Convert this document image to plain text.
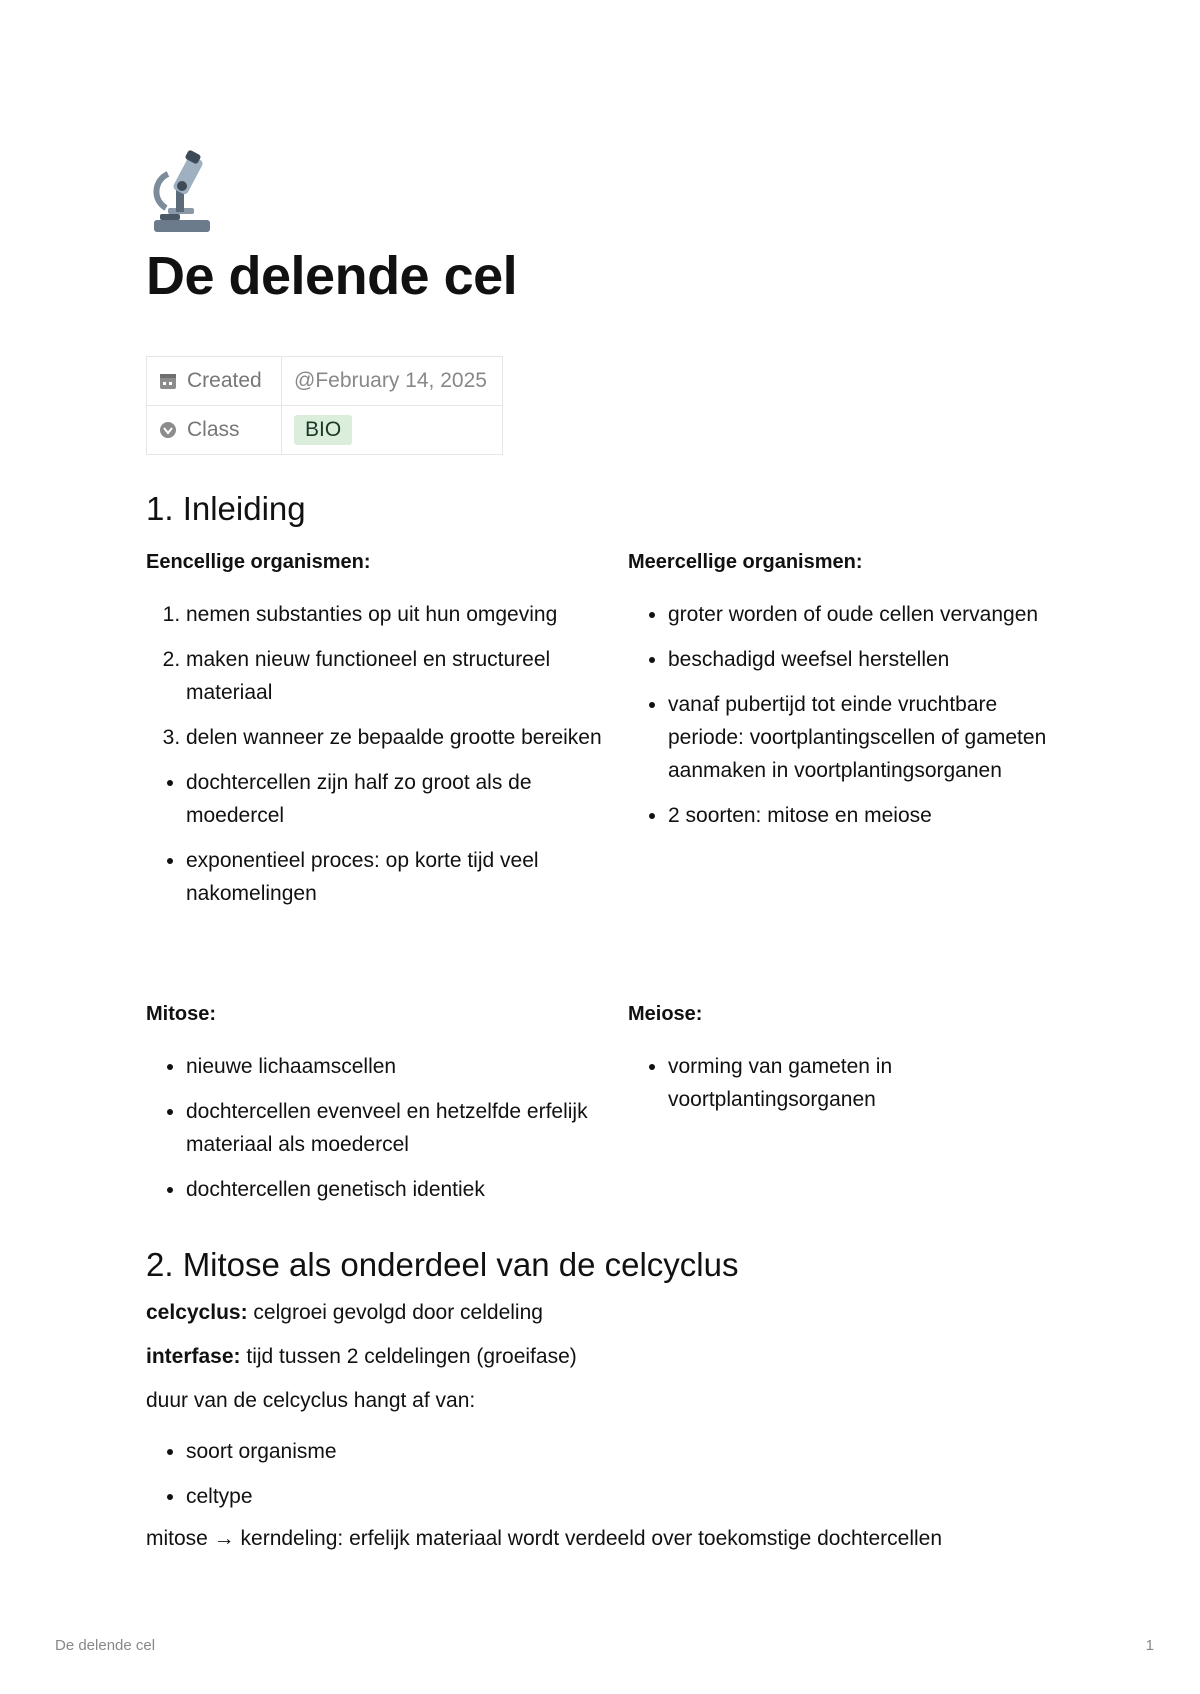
De delende cel
Created	@February 14, 2025
Class	BIO
1. Inleiding

Eencellige organismen:

1. nemen substanties op uit hun omgeving
2. maken nieuw functioneel en structureel materiaal
3. delen wanneer ze bepaalde grootte bereiken
• dochtercellen zijn half zo groot als de moedercel
• exponentieel proces: op korte tijd veel nakomelingen

Meercellige organismen:

• groter worden of oude cellen vervangen
• beschadigd weefsel herstellen
• vanaf pubertijd tot einde vruchtbare periode: voortplantingscellen of gameten aanmaken in voortplantingsorganen
• 2 soorten: mitose en meiose

Mitose:

• nieuwe lichaamscellen
• dochtercellen evenveel en hetzelfde erfelijk materiaal als moedercel
• dochtercellen genetisch identiek

Meiose:

• vorming van gameten in voortplantingsorganen
2. Mitose als onderdeel van de celcyclus

celcyclus: celgroei gevolgd door celdeling

interfase: tijd tussen 2 celdelingen (groeifase)

duur van de celcyclus hangt af van:

• soort organisme
• celtype

mitose → kerndeling: erfelijk materiaal wordt verdeeld over toekomstige dochtercellen

De delende cel	1
